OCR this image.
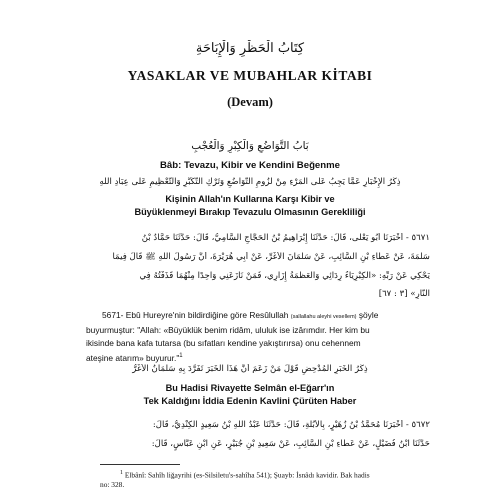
كِتَابُ الْحَظْرِ وَالْإِبَاحَةِ
YASAKLAR VE MUBAHLAR KİTABI
(Devam)
بَابُ التَّوَاضُعِ وَالْكِبْرِ وَالْعُجْبِ
Bâb: Tevazu, Kibir ve Kendini Beğenme
ذِكْرُ الْإِخْبَارِ عَمَّا يَجِبُ عَلَى الْمَرْءِ مِنْ لُزُومِ التَّوَاضُعِ وَتَرْكِ التَّكَبُّرِ وَالتَّعْظِيمِ عَلَى عِبَادِ اللَّهِ
Kişinin Allah'ın Kullarına Karşı Kibir ve
Büyüklenmeyi Bırakıp Tevazulu Olmasının Gerekliliği
٥٦٧١ - أَخْبَرَنَا أَبُو يَعْلَى، قَالَ: حَدَّثَنَا إِبْرَاهِيمُ بْنُ الْحَجَّاجِ السَّامِيُّ، قَالَ: حَدَّثَنَا حَمَّادُ بْنُ
سَلَمَةَ، عَنْ عَطَاءِ بْنِ السَّائِبِ، عَنْ سَلْمَانَ الْأَغَرِّ، عَنْ أَبِي هُرَيْرَةَ، أَنَّ رَسُولَ اللَّهِ ﷺ قَالَ فِيمَا
يَحْكِي عَنْ رَبِّهِ: «الْكِبْرِيَاءُ رِدَائِي وَالْعَظَمَةُ إِزَارِي، فَمَنْ نَازَعَنِي وَاحِدًا مِنْهُمَا قَذَفْتُهُ فِي
النَّارِ» [٣ : ٦٧]

5671- Ebû Hureyre'nin bildirdiğine göre Resûlullah (sallallahu aleyhi vesellem) şöyle

buyurmuştur: "Allah: «Büyüklük benim ridâm, ululuk ise izârımdır. Her kim bu

ikisinde bana kafa tutarsa (bu sıfatları kendine yakıştırırsa) onu cehennem

ateşine atarım» buyurur."$^1$

ذِكْرُ الْخَبَرِ الْمُدْحِضِ قَوْلَ مَنْ زَعَمَ أَنَّ هَذَا الْخَبَرَ تَفَرَّدَ بِهِ سَلْمَانُ الْأَغَرُّ
Bu Hadisi Rivayette Selmân el-Eğarr'ın
Tek Kaldığını İddia Edenin Kavlini Çürüten Haber
٥٦٧٢ - أَخْبَرَنَا مُحَمَّدُ بْنُ زُهَيْرٍ، بِالْأُبُلَّةِ، قَالَ: حَدَّثَنَا عَبْدُ اللَّهِ بْنُ سَعِيدٍ الْكِنْدِيُّ، قَالَ:
حَدَّثَنَا ابْنُ فُضَيْلٍ، عَنْ عَطَاءِ بْنِ السَّائِبِ، عَنْ سَعِيدِ بْنِ جُبَيْرٍ، عَنِ ابْنِ عَبَّاسٍ، قَالَ:

$^1$ Elbânî: Sahîh lіğayrihi (es-Silsiletu's-sahîha 541); Şuayb: İsnâdı kavidir. Bak hadis

no: 328.
